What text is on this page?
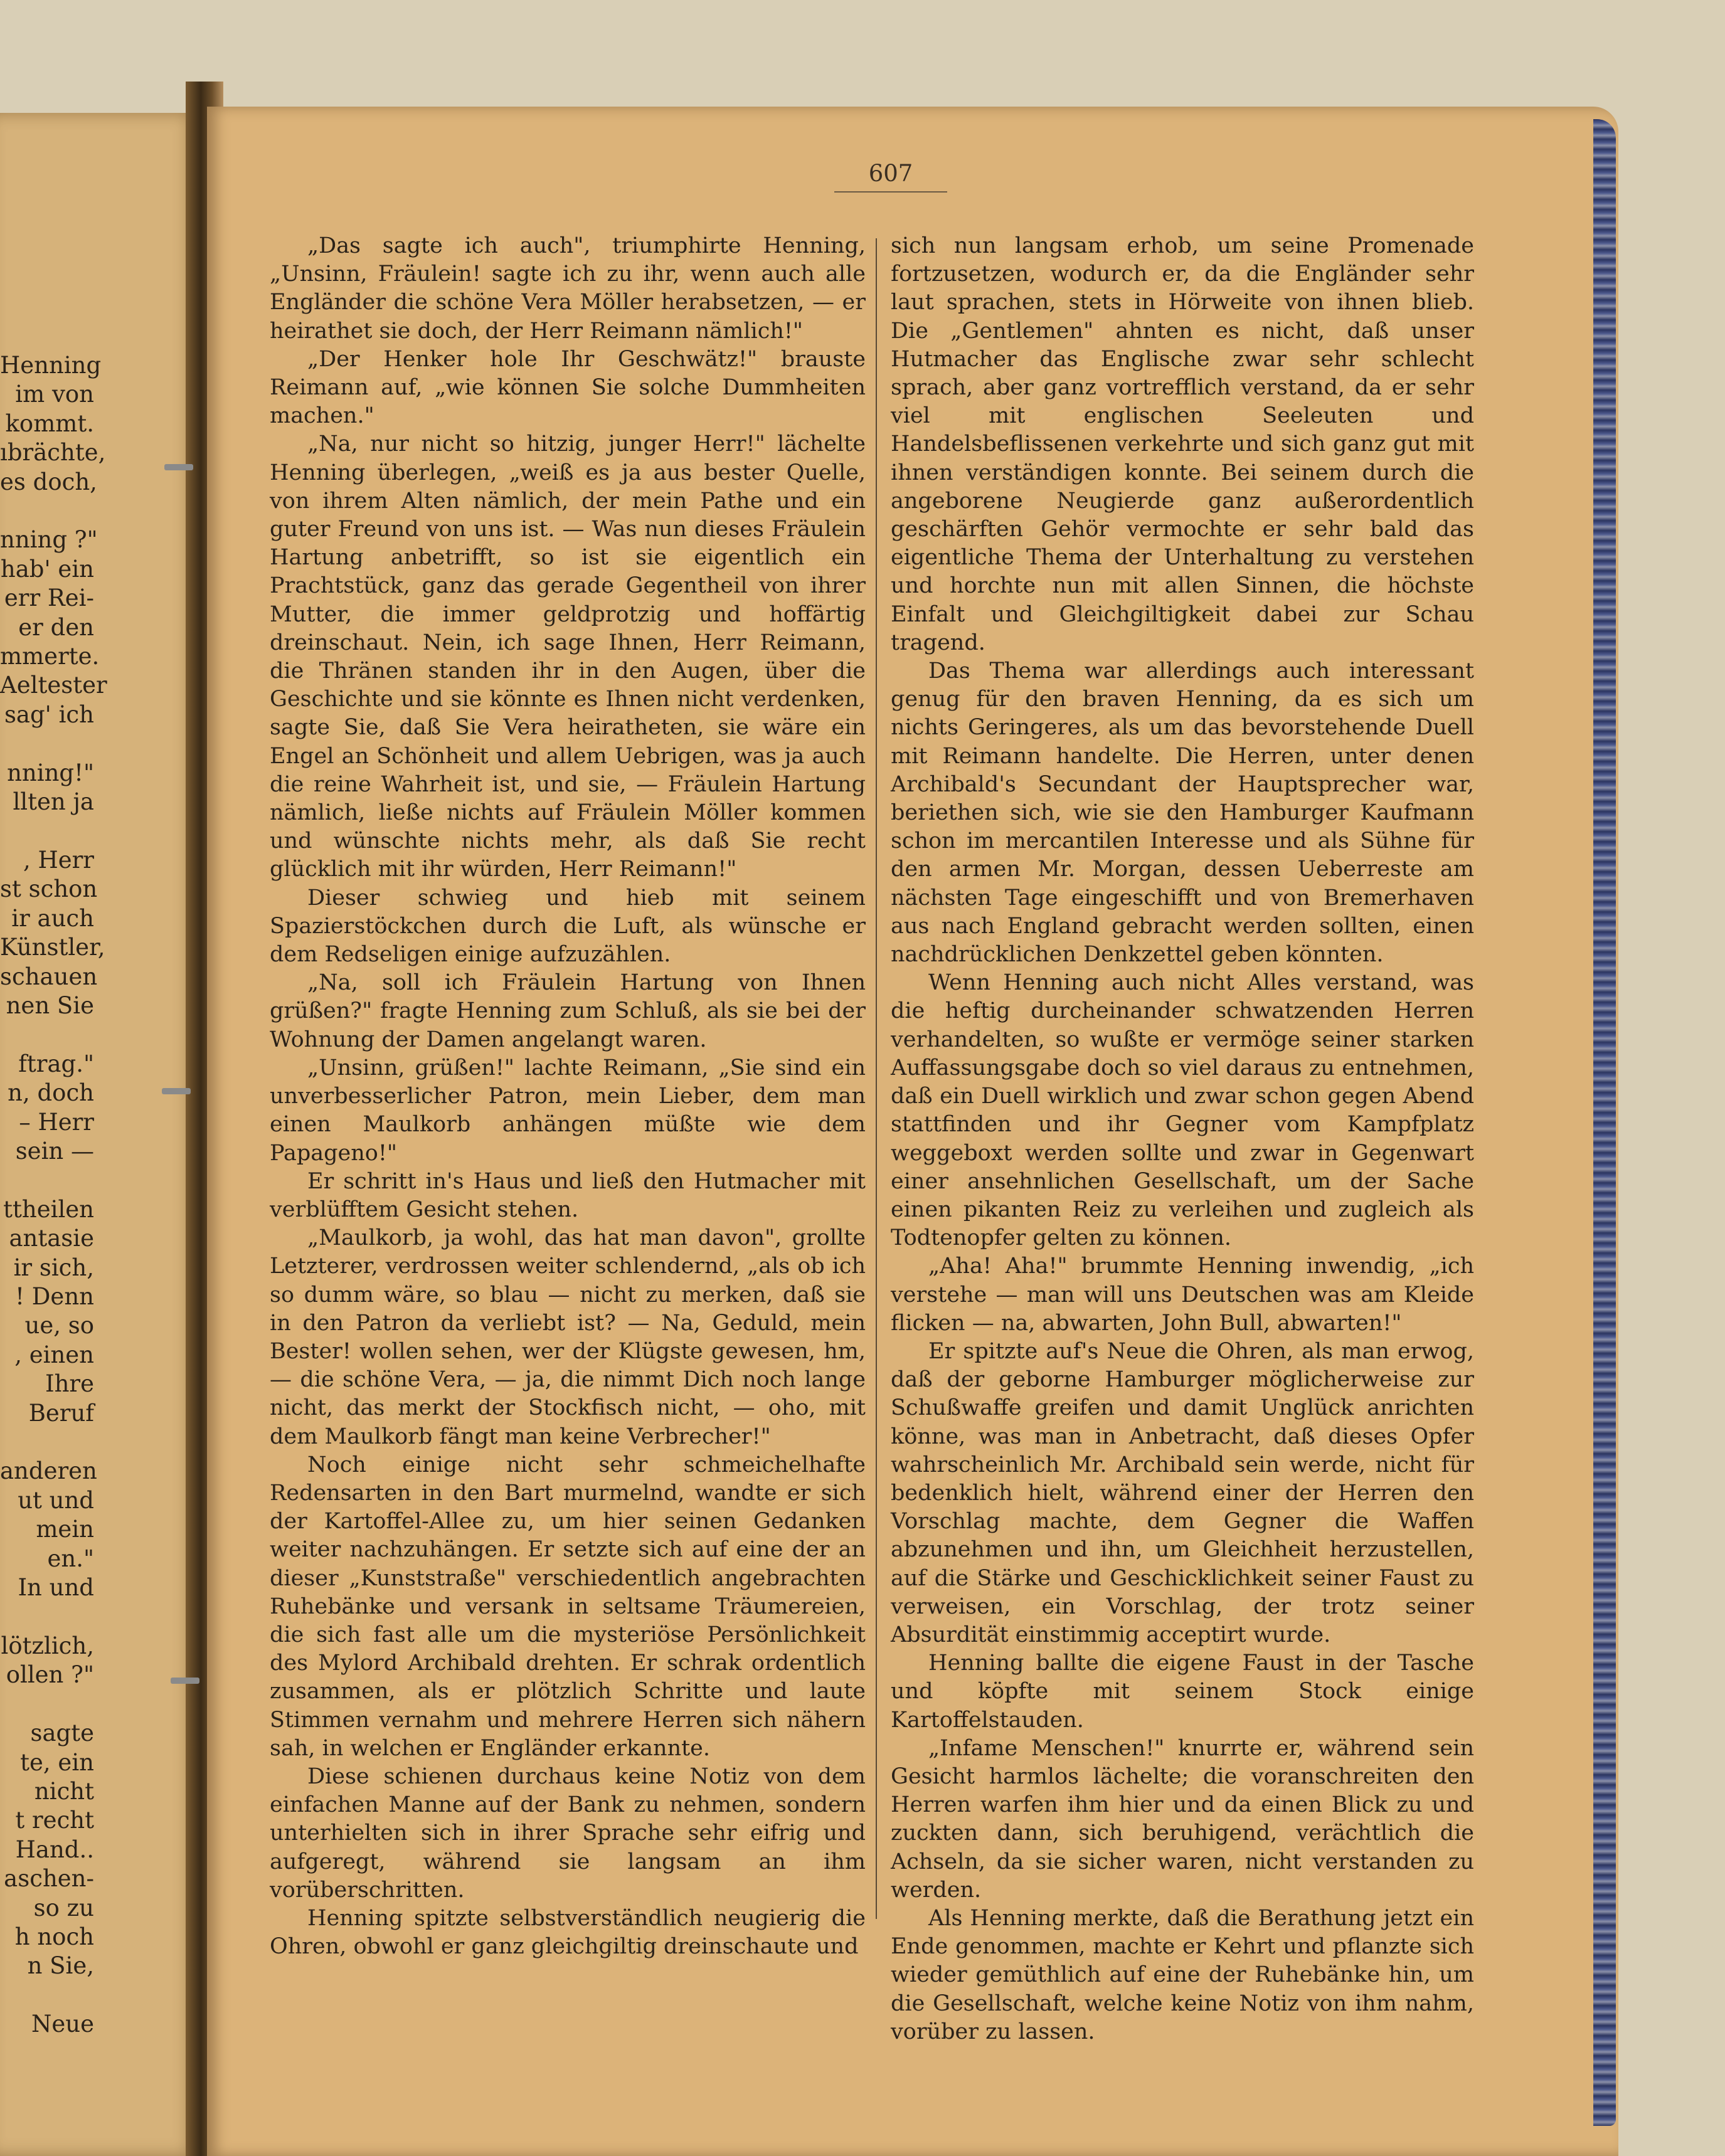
Henning
im von
kommt.
ıbrächte,
es doch,

nning ?"
hab' ein
err Rei-
er den
mmerte.
Aeltester
sag' ich

nning!"
llten ja

, Herr
st schon
ir auch
Künstler,
schauen
nen Sie

ftrag."
n, doch
– Herr
sein —

ttheilen
antasie
ir sich,
! Denn
ue, so
, einen
Ihre
Beruf

anderen
ut und
mein
en."
In und

lötzlich,
ollen ?"

sagte
te, ein
nicht
t recht
Hand..
aschen-
so zu
h noch
n Sie,

Neue
607

„Das sagte ich auch", triumphirte Henning, „Unsinn, Fräulein! sagte ich zu ihr, wenn auch alle Engländer die schöne Vera Möller herabsetzen, — er heirathet sie doch, der Herr Reimann nämlich!"

„Der Henker hole Ihr Geschwätz!" brauste Reimann auf, „wie können Sie solche Dummheiten machen."

„Na, nur nicht so hitzig, junger Herr!" lächelte Henning überlegen, „weiß es ja aus bester Quelle, von ihrem Alten nämlich, der mein Pathe und ein guter Freund von uns ist. — Was nun dieses Fräulein Hartung anbetrifft, so ist sie eigentlich ein Prachtstück, ganz das gerade Gegentheil von ihrer Mutter, die immer geldprotzig und hoffärtig dreinschaut. Nein, ich sage Ihnen, Herr Reimann, die Thränen standen ihr in den Augen, über die Geschichte und sie könnte es Ihnen nicht verdenken, sagte Sie, daß Sie Vera heiratheten, sie wäre ein Engel an Schönheit und allem Uebrigen, was ja auch die reine Wahrheit ist, und sie, — Fräulein Hartung nämlich, ließe nichts auf Fräulein Möller kommen und wünschte nichts mehr, als daß Sie recht glücklich mit ihr würden, Herr Reimann!"

Dieser schwieg und hieb mit seinem Spazierstöckchen durch die Luft, als wünsche er dem Redseligen einige aufzuzählen.

„Na, soll ich Fräulein Hartung von Ihnen grüßen?" fragte Henning zum Schluß, als sie bei der Wohnung der Damen angelangt waren.

„Unsinn, grüßen!" lachte Reimann, „Sie sind ein unverbesserlicher Patron, mein Lieber, dem man einen Maulkorb anhängen müßte wie dem Papageno!"

Er schritt in's Haus und ließ den Hutmacher mit verblüfftem Gesicht stehen.

„Maulkorb, ja wohl, das hat man davon", grollte Letzterer, verdrossen weiter schlendernd, „als ob ich so dumm wäre, so blau — nicht zu merken, daß sie in den Patron da verliebt ist? — Na, Geduld, mein Bester! wollen sehen, wer der Klügste gewesen, hm, — die schöne Vera, — ja, die nimmt Dich noch lange nicht, das merkt der Stockfisch nicht, — oho, mit dem Maulkorb fängt man keine Verbrecher!"

Noch einige nicht sehr schmeichelhafte Redensarten in den Bart murmelnd, wandte er sich der Kartoffel-Allee zu, um hier seinen Gedanken weiter nachzuhängen. Er setzte sich auf eine der an dieser „Kunststraße" verschiedentlich angebrachten Ruhebänke und versank in seltsame Träumereien, die sich fast alle um die mysteriöse Persönlichkeit des Mylord Archibald drehten. Er schrak ordentlich zusammen, als er plötzlich Schritte und laute Stimmen vernahm und mehrere Herren sich nähern sah, in welchen er Engländer erkannte.

Diese schienen durchaus keine Notiz von dem einfachen Manne auf der Bank zu nehmen, sondern unterhielten sich in ihrer Sprache sehr eifrig und aufgeregt, während sie langsam an ihm vorüberschritten.

Henning spitzte selbstverständlich neugierig die Ohren, obwohl er ganz gleichgiltig dreinschaute und

sich nun langsam erhob, um seine Promenade fortzusetzen, wodurch er, da die Engländer sehr laut sprachen, stets in Hörweite von ihnen blieb. Die „Gentlemen" ahnten es nicht, daß unser Hutmacher das Englische zwar sehr schlecht sprach, aber ganz vortrefflich verstand, da er sehr viel mit englischen Seeleuten und Handelsbeflissenen verkehrte und sich ganz gut mit ihnen verständigen konnte. Bei seinem durch die angeborene Neugierde ganz außerordentlich geschärften Gehör vermochte er sehr bald das eigentliche Thema der Unterhaltung zu verstehen und horchte nun mit allen Sinnen, die höchste Einfalt und Gleichgiltigkeit dabei zur Schau tragend.

Das Thema war allerdings auch interessant genug für den braven Henning, da es sich um nichts Geringeres, als um das bevorstehende Duell mit Reimann handelte. Die Herren, unter denen Archibald's Secundant der Hauptsprecher war, beriethen sich, wie sie den Hamburger Kaufmann schon im mercantilen Interesse und als Sühne für den armen Mr. Morgan, dessen Ueberreste am nächsten Tage eingeschifft und von Bremerhaven aus nach England gebracht werden sollten, einen nachdrücklichen Denkzettel geben könnten.

Wenn Henning auch nicht Alles verstand, was die heftig durcheinander schwatzenden Herren verhandelten, so wußte er vermöge seiner starken Auffassungsgabe doch so viel daraus zu entnehmen, daß ein Duell wirklich und zwar schon gegen Abend stattfinden und ihr Gegner vom Kampfplatz weggeboxt werden sollte und zwar in Gegenwart einer ansehnlichen Gesellschaft, um der Sache einen pikanten Reiz zu verleihen und zugleich als Todtenopfer gelten zu können.

„Aha! Aha!" brummte Henning inwendig, „ich verstehe — man will uns Deutschen was am Kleide flicken — na, abwarten, John Bull, abwarten!"

Er spitzte auf's Neue die Ohren, als man erwog, daß der geborne Hamburger möglicherweise zur Schußwaffe greifen und damit Unglück anrichten könne, was man in Anbetracht, daß dieses Opfer wahrscheinlich Mr. Archibald sein werde, nicht für bedenklich hielt, während einer der Herren den Vorschlag machte, dem Gegner die Waffen abzunehmen und ihn, um Gleichheit herzustellen, auf die Stärke und Geschicklichkeit seiner Faust zu verweisen, ein Vorschlag, der trotz seiner Absurdität einstimmig acceptirt wurde.

Henning ballte die eigene Faust in der Tasche und köpfte mit seinem Stock einige Kartoffelstauden.

„Infame Menschen!" knurrte er, während sein Gesicht harmlos lächelte; die voranschreiten den Herren warfen ihm hier und da einen Blick zu und zuckten dann, sich beruhigend, verächtlich die Achseln, da sie sicher waren, nicht verstanden zu werden.

Als Henning merkte, daß die Berathung jetzt ein Ende genommen, machte er Kehrt und pflanzte sich wieder gemüthlich auf eine der Ruhebänke hin, um die Gesellschaft, welche keine Notiz von ihm nahm, vorüber zu lassen.
